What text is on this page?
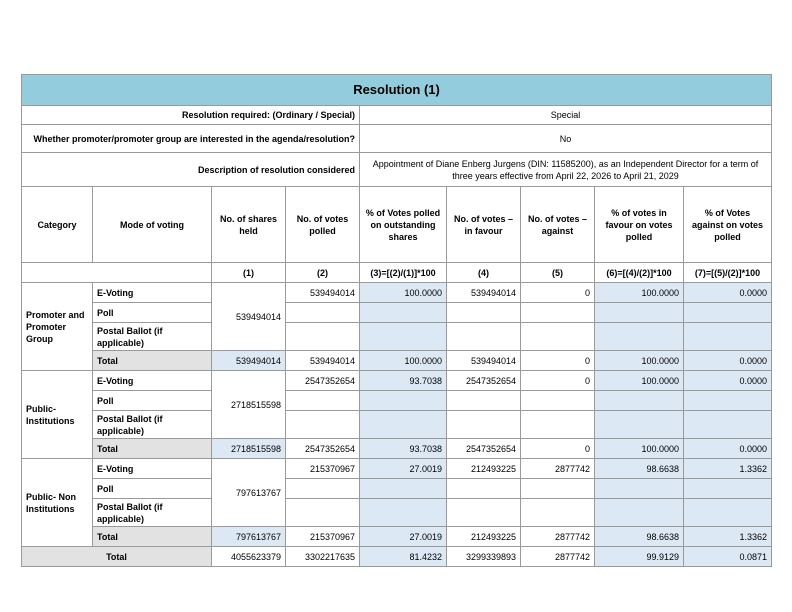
Resolution (1)								
Resolution required: (Ordinary / Special)				Special				
Whether promoter/promoter group are interested in the agenda/resolution?				No				
Description of resolution considered				Appointment of Diane Enberg Jurgens (DIN: 11585200), as an Independent Director for a term of three years effective from April 22, 2026 to April 21, 2029				
Category	Mode of voting	No. of shares held	No. of votes polled	% of Votes polled on outstanding shares	No. of votes – in favour	No. of votes – against	% of votes in favour on votes polled	% of Votes against on votes polled
		(1)	(2)	(3)=[(2)/(1)]*100	(4)	(5)	(6)=[(4)/(2)]*100	(7)=[(5)/(2)]*100
Promoter and Promoter Group	E-Voting	539494014	539494014	100.0000	539494014	0	100.0000	0.0000
	Poll							
	Postal Ballot (if applicable)							
	Total	539494014	539494014	100.0000	539494014	0	100.0000	0.0000
Public- Institutions	E-Voting	2718515598	2547352654	93.7038	2547352654	0	100.0000	0.0000
	Poll							
	Postal Ballot (if applicable)							
	Total	2718515598	2547352654	93.7038	2547352654	0	100.0000	0.0000
Public- Non Institutions	E-Voting	797613767	215370967	27.0019	212493225	2877742	98.6638	1.3362
	Poll							
	Postal Ballot (if applicable)							
	Total	797613767	215370967	27.0019	212493225	2877742	98.6638	1.3362
Total		4055623379	3302217635	81.4232	3299339893	2877742	99.9129	0.0871
